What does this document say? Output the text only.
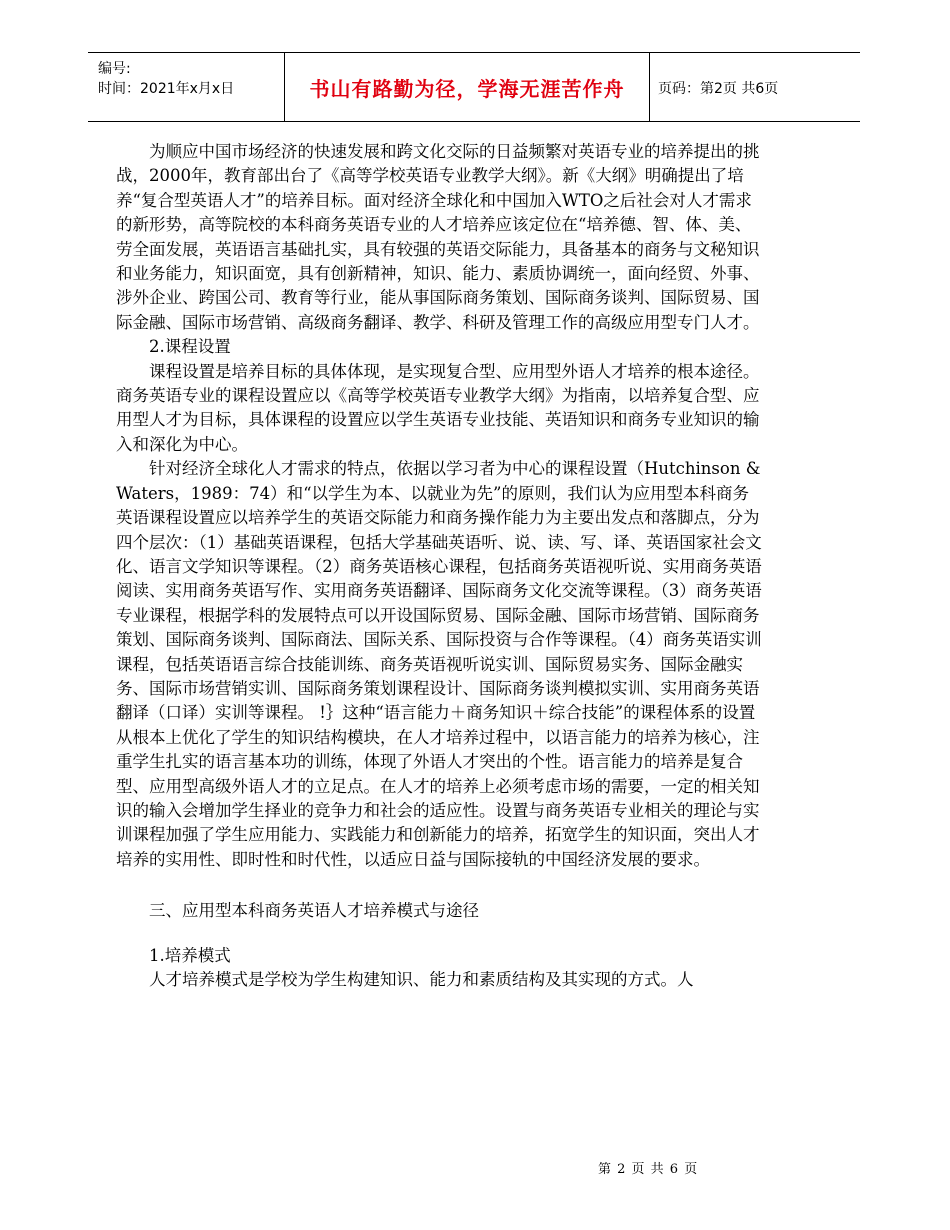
编号:
时间：2021年x月x日	书山有路勤为径，学海无涯苦作舟	页码：第2页 共6页

为顺应中国市场经济的快速发展和跨文化交际的日益频繁对英语专业的培养提出的挑战，2000年，教育部出台了《高等学校英语专业教学大纲》。新《大纲》明确提出了培养“复合型英语人才”的培养目标。面对经济全球化和中国加入WTO之后社会对人才需求的新形势，高等院校的本科商务英语专业的人才培养应该定位在“培养德、智、体、美、劳全面发展，英语语言基础扎实，具有较强的英语交际能力，具备基本的商务与文秘知识和业务能力，知识面宽，具有创新精神，知识、能力、素质协调统一，面向经贸、外事、涉外企业、跨国公司、教育等行业，能从事国际商务策划、国际商务谈判、国际贸易、国际金融、国际市场营销、高级商务翻译、教学、科研及管理工作的高级应用型专门人才。

2.课程设置

课程设置是培养目标的具体体现，是实现复合型、应用型外语人才培养的根本途径。商务英语专业的课程设置应以《高等学校英语专业教学大纲》为指南，以培养复合型、应用型人才为目标，具体课程的设置应以学生英语专业技能、英语知识和商务专业知识的输入和深化为中心。

针对经济全球化人才需求的特点，依据以学习者为中心的课程设置（Hutchinson & Waters，1989：74）和“以学生为本、以就业为先”的原则，我们认为应用型本科商务英语课程设置应以培养学生的英语交际能力和商务操作能力为主要出发点和落脚点，分为四个层次：（1）基础英语课程，包括大学基础英语听、说、读、写、译、英语国家社会文化、语言文学知识等课程。（2）商务英语核心课程，包括商务英语视听说、实用商务英语阅读、实用商务英语写作、实用商务英语翻译、国际商务文化交流等课程。（3）商务英语专业课程，根据学科的发展特点可以开设国际贸易、国际金融、国际市场营销、国际商务策划、国际商务谈判、国际商法、国际关系、国际投资与合作等课程。（4）商务英语实训课程，包括英语语言综合技能训练、商务英语视听说实训、国际贸易实务、国际金融实务、国际市场营销实训、国际商务策划课程设计、国际商务谈判模拟实训、实用商务英语翻译（口译）实训等课程。 !｝这种“语言能力＋商务知识＋综合技能”的课程体系的设置从根本上优化了学生的知识结构模块，在人才培养过程中，以语言能力的培养为核心，注重学生扎实的语言基本功的训练，体现了外语人才突出的个性。语言能力的培养是复合型、应用型高级外语人才的立足点。在人才的培养上必须考虑市场的需要，一定的相关知识的输入会增加学生择业的竞争力和社会的适应性。设置与商务英语专业相关的理论与实训课程加强了学生应用能力、实践能力和创新能力的培养，拓宽学生的知识面，突出人才培养的实用性、即时性和时代性，以适应日益与国际接轨的中国经济发展的要求。

三、应用型本科商务英语人才培养模式与途径

1.培养模式

人才培养模式是学校为学生构建知识、能力和素质结构及其实现的方式。人

第 2 页 共 6 页
